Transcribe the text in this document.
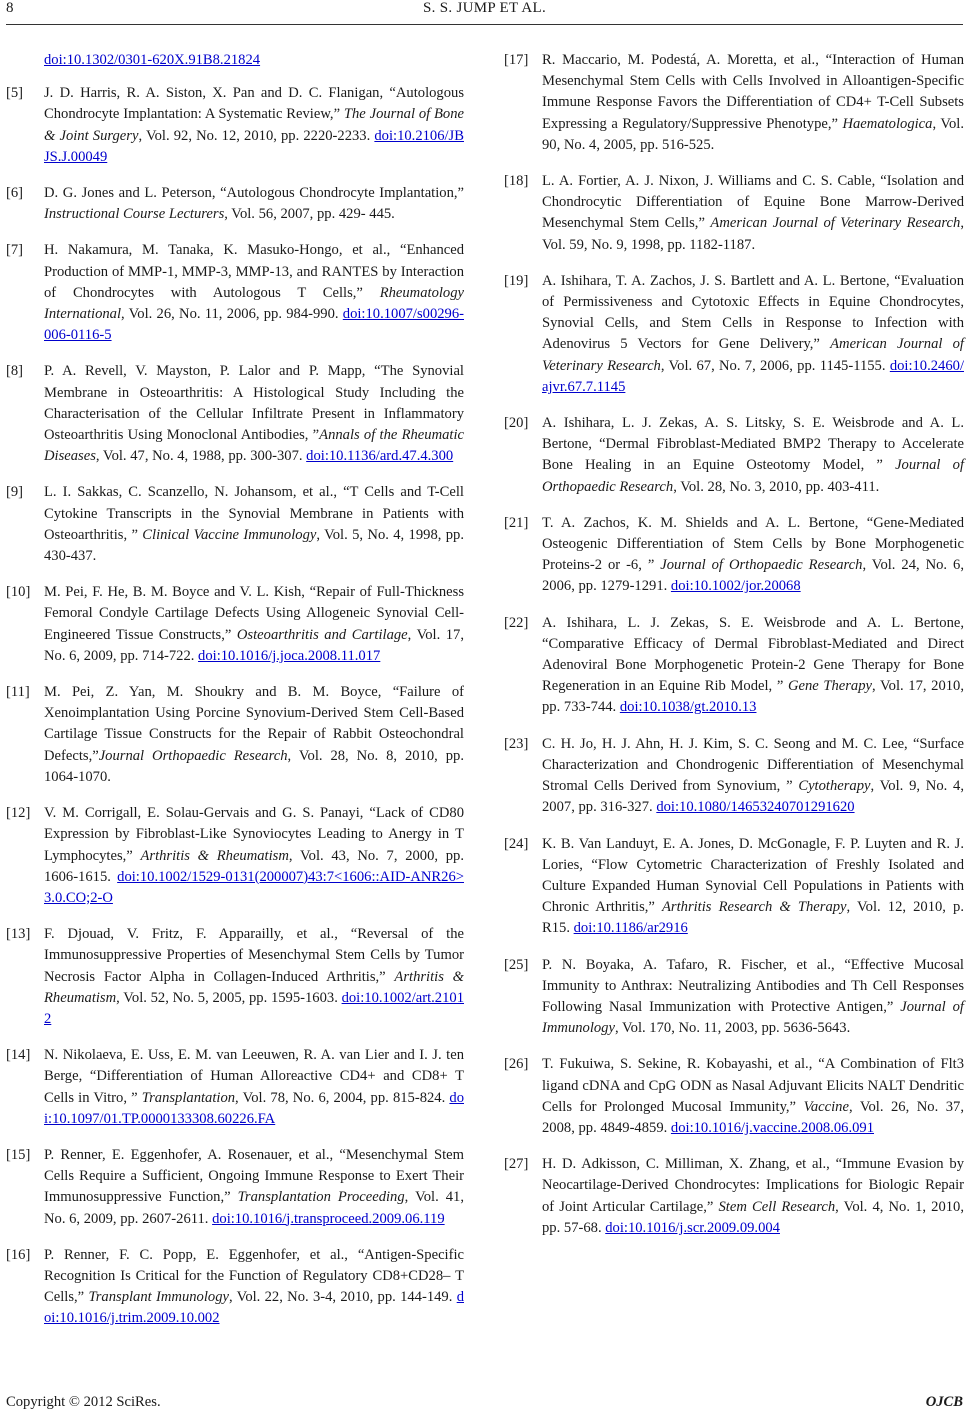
8	S. S. JUMP ET AL.
doi:10.1302/0301-620X.91B8.21824
[5] J. D. Harris, R. A. Siston, X. Pan and D. C. Flanigan, “Autologous Chondrocyte Implantation: A Systematic Review,” The Journal of Bone & Joint Surgery, Vol. 92, No. 12, 2010, pp. 2220-2233. doi:10.2106/JBJS.J.00049
[6] D. G. Jones and L. Peterson, “Autologous Chondrocyte Implantation,” Instructional Course Lecturers, Vol. 56, 2007, pp. 429- 445.
[7] H. Nakamura, M. Tanaka, K. Masuko-Hongo, et al., “Enhanced Production of MMP-1, MMP-3, MMP-13, and RANTES by Interaction of Chondrocytes with Autologous T Cells,” Rheumatology International, Vol. 26, No. 11, 2006, pp. 984-990. doi:10.1007/s00296-006-0116-5
[8] P. A. Revell, V. Mayston, P. Lalor and P. Mapp, “The Synovial Membrane in Osteoarthritis: A Histological Study Including the Characterisation of the Cellular Infiltrate Present in Inflammatory Osteoarthritis Using Monoclonal Antibodies, ”Annals of the Rheumatic Diseases, Vol. 47, No. 4, 1988, pp. 300-307. doi:10.1136/ard.47.4.300
[9] L. I. Sakkas, C. Scanzello, N. Johansom, et al., “T Cells and T-Cell Cytokine Transcripts in the Synovial Membrane in Patients with Osteoarthritis, ” Clinical Vaccine Immunology, Vol. 5, No. 4, 1998, pp. 430-437.
[10] M. Pei, F. He, B. M. Boyce and V. L. Kish, “Repair of Full-Thickness Femoral Condyle Cartilage Defects Using Allogeneic Synovial Cell-Engineered Tissue Constructs,” Osteoarthritis and Cartilage, Vol. 17, No. 6, 2009, pp. 714-722. doi:10.1016/j.joca.2008.11.017
[11] M. Pei, Z. Yan, M. Shoukry and B. M. Boyce, “Failure of Xenoimplantation Using Porcine Synovium-Derived Stem Cell-Based Cartilage Tissue Constructs for the Repair of Rabbit Osteochondral Defects,”Journal Orthopaedic Research, Vol. 28, No. 8, 2010, pp. 1064-1070.
[12] V. M. Corrigall, E. Solau-Gervais and G. S. Panayi, “Lack of CD80 Expression by Fibroblast-Like Synoviocytes Leading to Anergy in T Lymphocytes,” Arthritis & Rheumatism, Vol. 43, No. 7, 2000, pp. 1606-1615. doi:10.1002/1529-0131(200007)43:7<1606::AID-ANR26>3.0.CO;2-O
[13] F. Djouad, V. Fritz, F. Apparailly, et al., “Reversal of the Immunosuppressive Properties of Mesenchymal Stem Cells by Tumor Necrosis Factor Alpha in Collagen-Induced Arthritis,” Arthritis & Rheumatism, Vol. 52, No. 5, 2005, pp. 1595-1603. doi:10.1002/art.21012
[14] N. Nikolaeva, E. Uss, E. M. van Leeuwen, R. A. van Lier and I. J. ten Berge, “Differentiation of Human Alloreactive CD4+ and CD8+ T Cells in Vitro, ” Transplantation, Vol. 78, No. 6, 2004, pp. 815-824. doi:10.1097/01.TP.0000133308.60226.FA
[15] P. Renner, E. Eggenhofer, A. Rosenauer, et al., “Mesenchymal Stem Cells Require a Sufficient, Ongoing Immune Response to Exert Their Immunosuppressive Function,” Transplantation Proceeding, Vol. 41, No. 6, 2009, pp. 2607-2611. doi:10.1016/j.transproceed.2009.06.119
[16] P. Renner, F. C. Popp, E. Eggenhofer, et al., “Antigen-Specific Recognition Is Critical for the Function of Regulatory CD8+CD28– T Cells,” Transplant Immunology, Vol. 22, No. 3-4, 2010, pp. 144-149. doi:10.1016/j.trim.2009.10.002
[17] R. Maccario, M. Podestá, A. Moretta, et al., “Interaction of Human Mesenchymal Stem Cells with Cells Involved in Alloantigen-Specific Immune Response Favors the Differentiation of CD4+ T-Cell Subsets Expressing a Regulatory/Suppressive Phenotype,” Haematologica, Vol. 90, No. 4, 2005, pp. 516-525.
[18] L. A. Fortier, A. J. Nixon, J. Williams and C. S. Cable, “Isolation and Chondrocytic Differentiation of Equine Bone Marrow-Derived Mesenchymal Stem Cells,” American Journal of Veterinary Research, Vol. 59, No. 9, 1998, pp. 1182-1187.
[19] A. Ishihara, T. A. Zachos, J. S. Bartlett and A. L. Bertone, “Evaluation of Permissiveness and Cytotoxic Effects in Equine Chondrocytes, Synovial Cells, and Stem Cells in Response to Infection with Adenovirus 5 Vectors for Gene Delivery,” American Journal of Veterinary Research, Vol. 67, No. 7, 2006, pp. 1145-1155. doi:10.2460/ajvr.67.7.1145
[20] A. Ishihara, L. J. Zekas, A. S. Litsky, S. E. Weisbrode and A. L. Bertone, “Dermal Fibroblast-Mediated BMP2 Therapy to Accelerate Bone Healing in an Equine Osteotomy Model, ” Journal of Orthopaedic Research, Vol. 28, No. 3, 2010, pp. 403-411.
[21] T. A. Zachos, K. M. Shields and A. L. Bertone, “Gene-Mediated Osteogenic Differentiation of Stem Cells by Bone Morphogenetic Proteins-2 or -6, ” Journal of Orthopaedic Research, Vol. 24, No. 6, 2006, pp. 1279-1291. doi:10.1002/jor.20068
[22] A. Ishihara, L. J. Zekas, S. E. Weisbrode and A. L. Bertone, “Comparative Efficacy of Dermal Fibroblast-Mediated and Direct Adenoviral Bone Morphogenetic Protein-2 Gene Therapy for Bone Regeneration in an Equine Rib Model, ” Gene Therapy, Vol. 17, 2010, pp. 733-744. doi:10.1038/gt.2010.13
[23] C. H. Jo, H. J. Ahn, H. J. Kim, S. C. Seong and M. C. Lee, “Surface Characterization and Chondrogenic Differentiation of Mesenchymal Stromal Cells Derived from Synovium, ” Cytotherapy, Vol. 9, No. 4, 2007, pp. 316-327. doi:10.1080/14653240701291620
[24] K. B. Van Landuyt, E. A. Jones, D. McGonagle, F. P. Luyten and R. J. Lories, “Flow Cytometric Characterization of Freshly Isolated and Culture Expanded Human Synovial Cell Populations in Patients with Chronic Arthritis,” Arthritis Research & Therapy, Vol. 12, 2010, p. R15. doi:10.1186/ar2916
[25] P. N. Boyaka, A. Tafaro, R. Fischer, et al., “Effective Mucosal Immunity to Anthrax: Neutralizing Antibodies and Th Cell Responses Following Nasal Immunization with Protective Antigen,” Journal of Immunology, Vol. 170, No. 11, 2003, pp. 5636-5643.
[26] T. Fukuiwa, S. Sekine, R. Kobayashi, et al., “A Combination of Flt3 ligand cDNA and CpG ODN as Nasal Adjuvant Elicits NALT Dendritic Cells for Prolonged Mucosal Immunity,” Vaccine, Vol. 26, No. 37, 2008, pp. 4849-4859. doi:10.1016/j.vaccine.2008.06.091
[27] H. D. Adkisson, C. Milliman, X. Zhang, et al., “Immune Evasion by Neocartilage-Derived Chondrocytes: Implications for Biologic Repair of Joint Articular Cartilage,” Stem Cell Research, Vol. 4, No. 1, 2010, pp. 57-68. doi:10.1016/j.scr.2009.09.004
Copyright © 2012 SciRes.	OJCB
